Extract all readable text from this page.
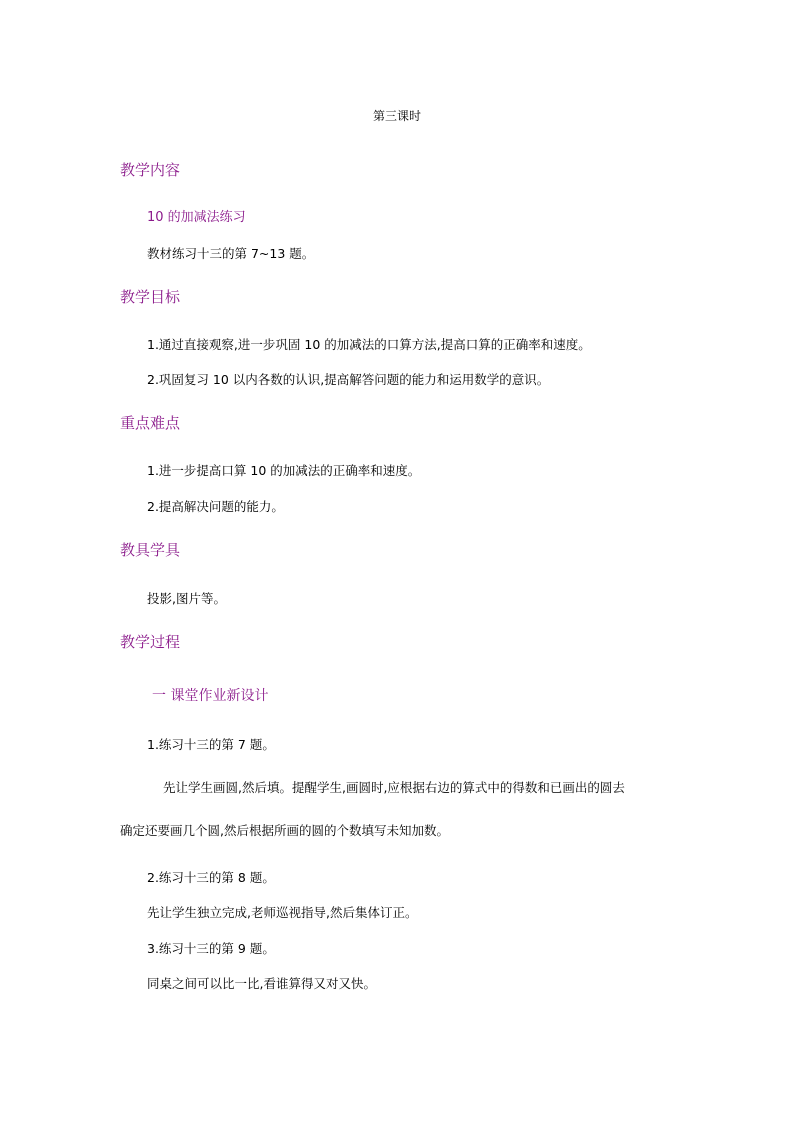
第三课时
教学内容
10 的加减法练习
教材练习十三的第 7~13 题。
教学目标
1.通过直接观察,进一步巩固 10 的加减法的口算方法,提高口算的正确率和速度。
2.巩固复习 10 以内各数的认识,提高解答问题的能力和运用数学的意识。
重点难点
1.进一步提高口算 10 的加减法的正确率和速度。
2.提高解决问题的能力。
教具学具
投影,图片等。
教学过程
一 课堂作业新设计
1.练习十三的第 7 题。
先让学生画圆,然后填。提醒学生,画圆时,应根据右边的算式中的得数和已画出的圆去
确定还要画几个圆,然后根据所画的圆的个数填写未知加数。
2.练习十三的第 8 题。
先让学生独立完成,老师巡视指导,然后集体订正。
3.练习十三的第 9 题。
同桌之间可以比一比,看谁算得又对又快。
